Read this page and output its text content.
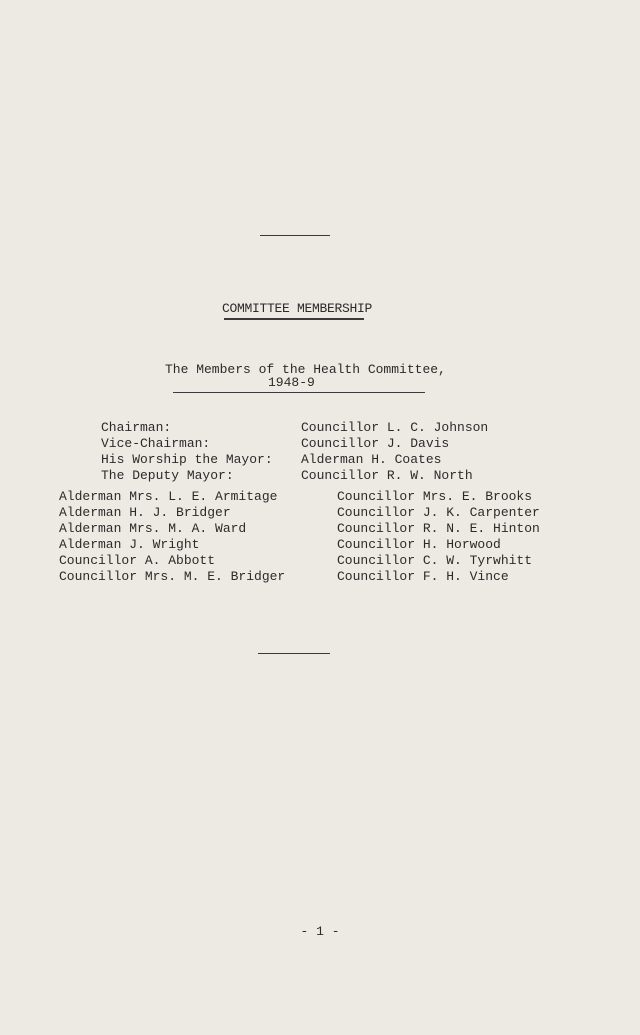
COMMITTEE MEMBERSHIP
The Members of the Health Committee,
1948-9
Chairman:
Vice-Chairman:
His Worship the Mayor:
The Deputy Mayor:
Councillor L. C. Johnson
Councillor J. Davis
Alderman H. Coates
Councillor R. W. North
Alderman Mrs. L. E. Armitage
Alderman H. J. Bridger
Alderman Mrs. M. A. Ward
Alderman J. Wright
Councillor A. Abbott
Councillor Mrs. M. E. Bridger
Councillor Mrs. E. Brooks
Councillor J. K. Carpenter
Councillor R. N. E. Hinton
Councillor H. Horwood
Councillor C. W. Tyrwhitt
Councillor F. H. Vince
- 1 -
